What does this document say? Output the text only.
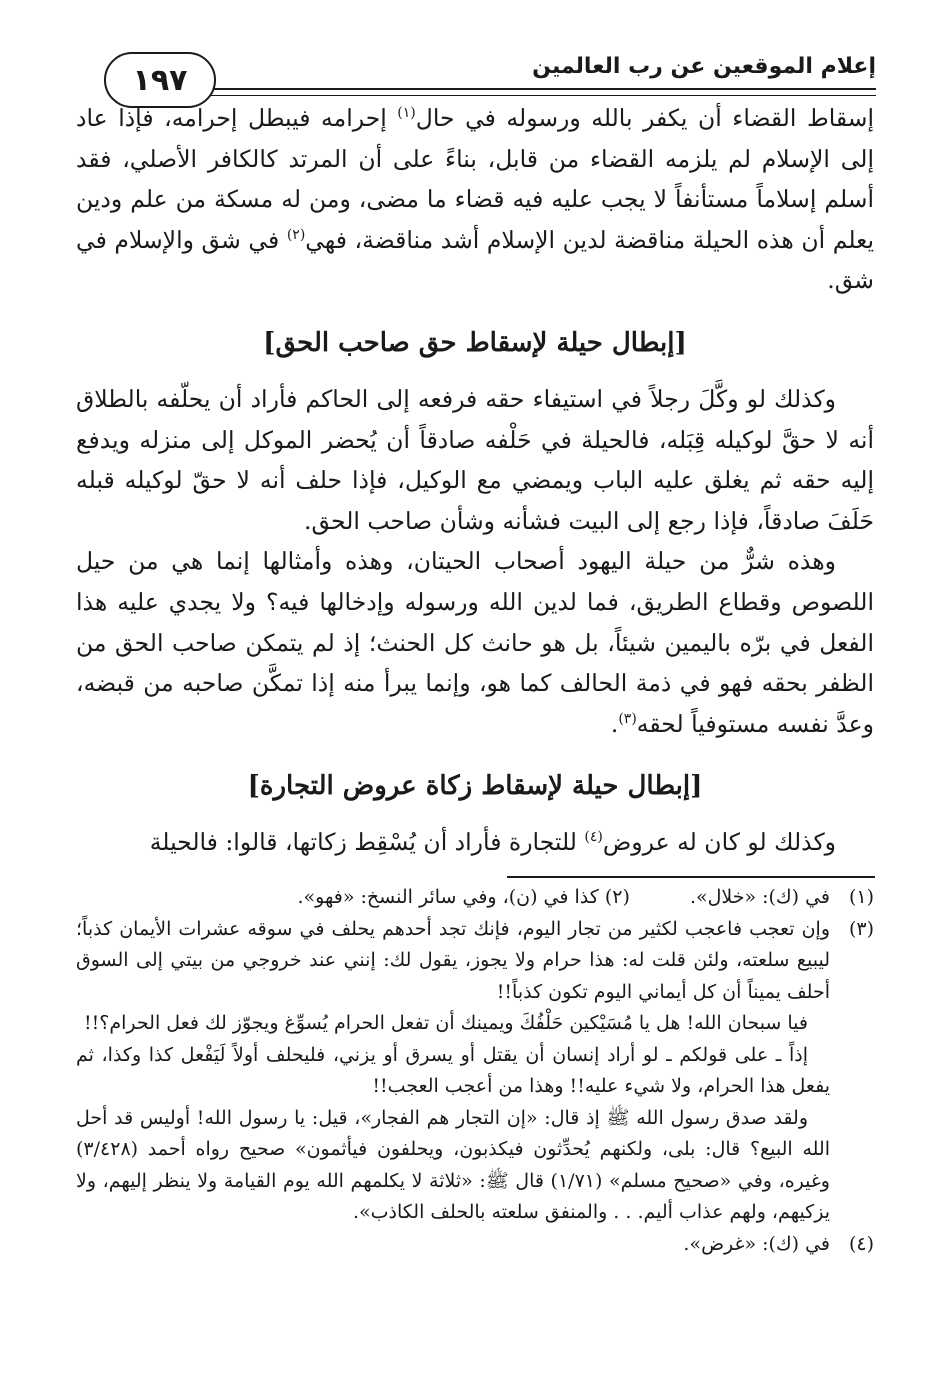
إعلام الموقعين عن رب العالمين
١٩٧

إسقاط القضاء أن يكفر بالله ورسوله في حال$^{(١)}$ إحرامه فيبطل إحرامه، فإذا عاد إلى الإسلام لم يلزمه القضاء من قابل، بناءً على أن المرتد كالكافر الأصلي، فقد أسلم إسلاماً مستأنفاً لا يجب عليه فيه قضاء ما مضى، ومن له مسكة من علم ودين يعلم أن هذه الحيلة مناقضة لدين الإسلام أشد مناقضة، فهي$^{(٢)}$ في شق والإسلام في شق.

[إبطال حيلة لإسقاط حق صاحب الحق]

وكذلك لو وكَّلَ رجلاً في استيفاء حقه فرفعه إلى الحاكم فأراد أن يحلّفه بالطلاق أنه لا حقَّ لوكيله قِبَله، فالحيلة في حَلْفه صادقاً أن يُحضر الموكل إلى منزله ويدفع إليه حقه ثم يغلق عليه الباب ويمضي مع الوكيل، فإذا حلف أنه لا حقّ لوكيله قبله حَلَفَ صادقاً، فإذا رجع إلى البيت فشأنه وشأن صاحب الحق.

وهذه شرٌّ من حيلة اليهود أصحاب الحيتان، وهذه وأمثالها إنما هي من حيل اللصوص وقطاع الطريق، فما لدين الله ورسوله وإدخالها فيه؟ ولا يجدي عليه هذا الفعل في برّه باليمين شيئاً، بل هو حانث كل الحنث؛ إذ لم يتمكن صاحب الحق من الظفر بحقه فهو في ذمة الحالف كما هو، وإنما يبرأ منه إذا تمكَّن صاحبه من قبضه، وعدَّ نفسه مستوفياً لحقه$^{(٣)}$.

[إبطال حيلة لإسقاط زكاة عروض التجارة]

وكذلك لو كان له عروض$^{(٤)}$ للتجارة فأراد أن يُسْقِط زكاتها، قالوا: فالحيلة

(١)
في (ك): «خلال».
(٢) كذا في (ن)، وفي سائر النسخ: «فهو».
(٣)

وإن تعجب فاعجب لكثير من تجار اليوم، فإنك تجد أحدهم يحلف في سوقه عشرات الأيمان كذباً؛ ليبيع سلعته، ولئن قلت له: هذا حرام ولا يجوز، يقول لك: إنني عند خروجي من بيتي إلى السوق أحلف يميناً أن كل أيماني اليوم تكون كذباً!!

فيا سبحان الله! هل يا مُسَيْكين حَلْفُكَ ويمينك أن تفعل الحرام يُسوِّغ ويجوّز لك فعل الحرام؟!!

إذاً ـ على قولكم ـ لو أراد إنسان أن يقتل أو يسرق أو يزني، فليحلف أولاً لَيَفْعل كذا وكذا، ثم يفعل هذا الحرام، ولا شيء عليه!! وهذا من أعجب العجب!!

ولقد صدق رسول الله ﷺ إذ قال: «إن التجار هم الفجار»، قيل: يا رسول الله! أوليس قد أحل الله البيع؟ قال: بلى، ولكنهم يُحدِّثون فيكذبون، ويحلفون فيأثمون» صحيح رواه أحمد (٣/٤٢٨) وغيره، وفي «صحيح مسلم» (١/٧١) قال ﷺ: «ثلاثة لا يكلمهم الله يوم القيامة ولا ينظر إليهم، ولا يزكيهم، ولهم عذاب أليم. . . والمنفق سلعته بالحلف الكاذب».

(٤)

في (ك): «غرض».
